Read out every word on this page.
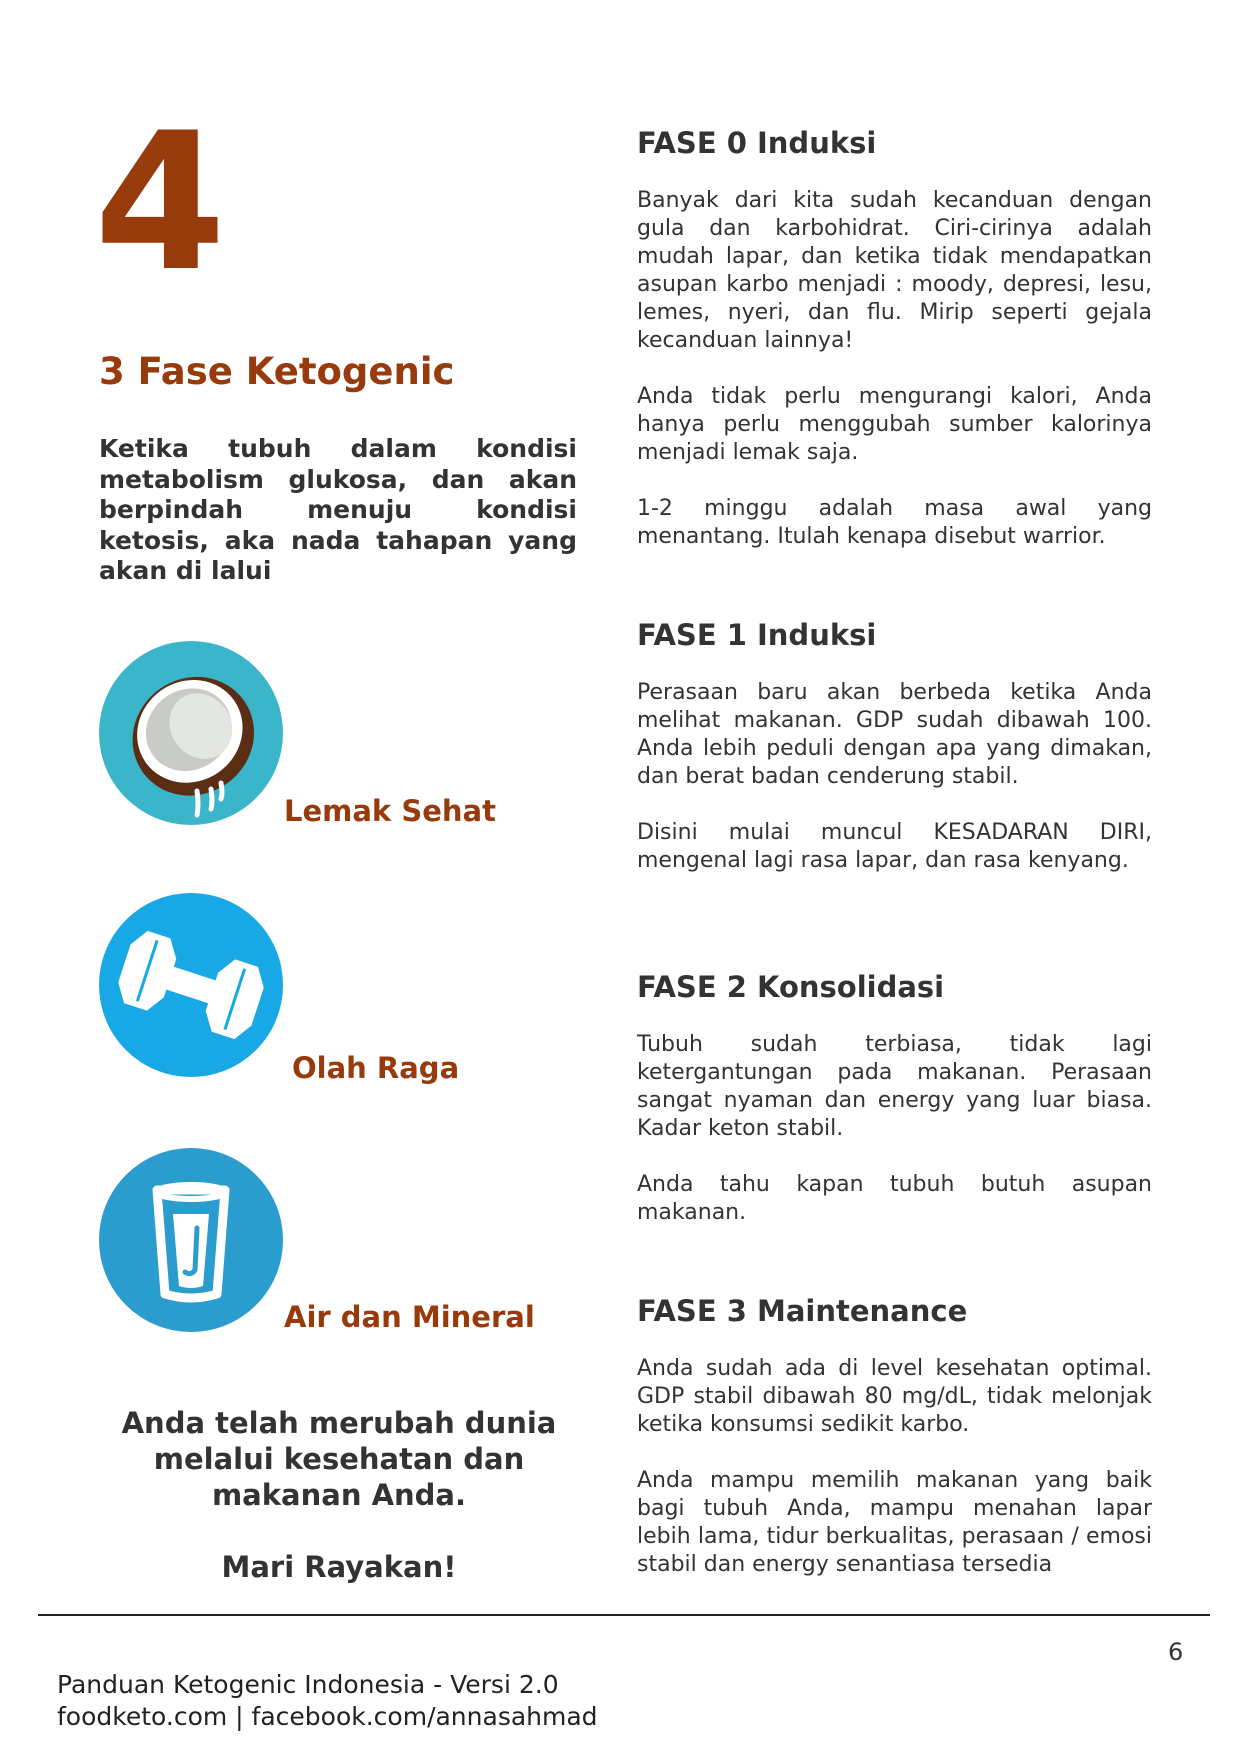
4
3 Fase Ketogenic
Ketika tubuh dalam kondisi metabolism glukosa, dan akan berpindah menuju kondisi ketosis, aka nada tahapan yang akan di lalui
Lemak Sehat
Olah Raga
Air dan Mineral
Anda telah merubah dunia melalui kesehatan dan makanan Anda.
Mari Rayakan!
FASE 0 Induksi

Banyak dari kita sudah kecanduan dengan gula dan karbohidrat. Ciri-cirinya adalah mudah lapar, dan ketika tidak mendapatkan asupan karbo menjadi : moody, depresi, lesu, lemes, nyeri, dan flu. Mirip seperti gejala kecanduan lainnya!

Anda tidak perlu mengurangi kalori, Anda hanya perlu menggubah sumber kalorinya menjadi lemak saja.

1-2 minggu adalah masa awal yang menantang. Itulah kenapa disebut warrior.

FASE 1 Induksi

Perasaan baru akan berbeda ketika Anda melihat makanan. GDP sudah dibawah 100. Anda lebih peduli dengan apa yang dimakan, dan berat badan cenderung stabil.

Disini mulai muncul KESADARAN DIRI, mengenal lagi rasa lapar, dan rasa kenyang.

FASE 2 Konsolidasi

Tubuh sudah terbiasa, tidak lagi ketergantungan pada makanan. Perasaan sangat nyaman dan energy yang luar biasa. Kadar keton stabil.

Anda tahu kapan tubuh butuh asupan makanan.

FASE 3 Maintenance

Anda sudah ada di level kesehatan optimal. GDP stabil dibawah 80 mg/dL, tidak melonjak ketika konsumsi sedikit karbo.

Anda mampu memilih makanan yang baik bagi tubuh Anda, mampu menahan lapar lebih lama, tidur berkualitas, perasaan / emosi stabil dan energy senantiasa tersedia

6
Panduan Ketogenic Indonesia - Versi 2.0
foodketo.com | facebook.com/annasahmad
